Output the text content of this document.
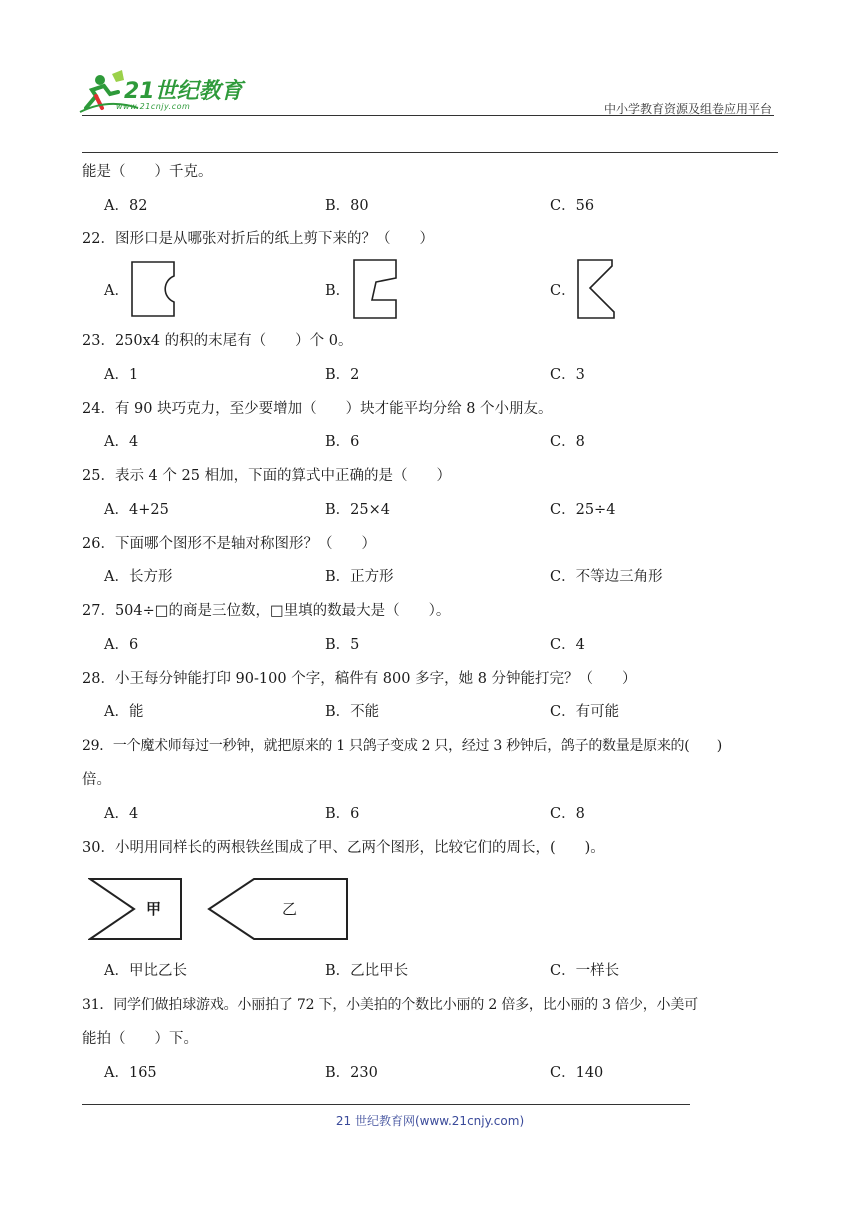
21世纪教育
www.21cnjy.com	中小学教育资源及组卷应用平台
能是（　　）千克。
A．82	B．80	C．56
22．图形口是从哪张对折后的纸上剪下来的？（　　）
A．	B．	C．
23．250x4 的积的末尾有（　　）个 0。
A．1	B．2	C．3
24．有 90 块巧克力，至少要增加（　　）块才能平均分给 8 个小朋友。
A．4	B．6	C．8
25．表示 4 个 25 相加，下面的算式中正确的是（　　）
A．4+25	B．25×4	C．25÷4
26．下面哪个图形不是轴对称图形？（　　）
A．长方形	B．正方形	C．不等边三角形
27．504÷□的商是三位数，□里填的数最大是（　　）。
A．6	B．5	C．4
28．小王每分钟能打印 90-100 个字，稿件有 800 多字，她 8 分钟能打完？（　　）
A．能	B．不能	C．有可能
29．一个魔术师每过一秒钟，就把原来的 1 只鸽子变成 2 只，经过 3 秒钟后，鸽子的数量是原来的(　　)
倍。
A．4	B．6	C．8
30．小明用同样长的两根铁丝围成了甲、乙两个图形，比较它们的周长，(　　)。
甲	乙
A．甲比乙长	B．乙比甲长	C．一样长
31．同学们做拍球游戏。小丽拍了 72 下，小美拍的个数比小丽的 2 倍多，比小丽的 3 倍少，小美可
能拍（　　）下。
A．165	B．230	C．140
21 世纪教育网(www.21cnjy.com)
